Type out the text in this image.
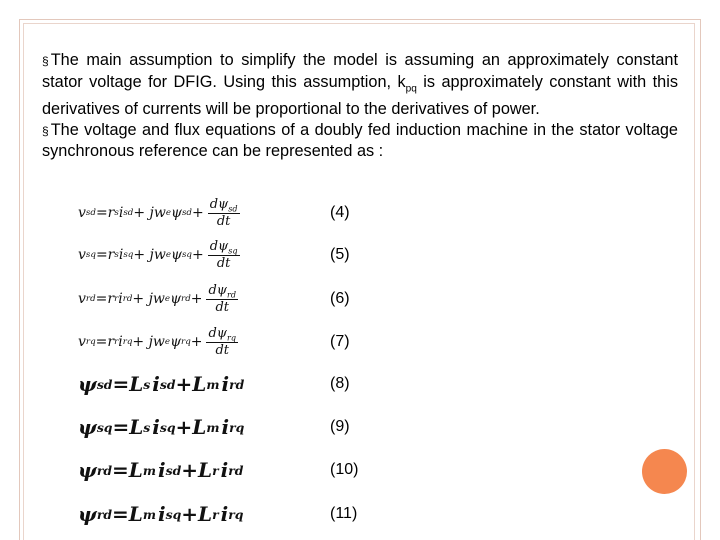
§ The main assumption to simplify the model is assuming an approximately constant stator voltage for DFIG. Using this assumption, $k_{pq}$ is approximately constant with this derivatives of currents will be proportional to the derivatives of power.
§ The voltage and flux equations of a doubly fed induction machine in the stator voltage synchronous reference can be represented as :
v sd = r s i sd + jw e ψ sd + $\frac{d\psi_{sd}}{dt}$	(4)
v sq = r s i sq + jw e ψ sq + $\frac{d\psi_{sq}}{dt}$	(5)
v rd = r r i rd + jw e ψ rd + $\frac{d\psi_{rd}}{dt}$	(6)
v rq = r r i rq + jw e ψ rq + $\frac{d\psi_{rq}}{dt}$	(7)
ψ sd = L s
  i sd + L m
  i rd	(8)
ψ sq = L s
  i sq + L m
  i rq	(9)
ψ rd = L m
  i sd + L r
  i rd	(10)
ψ rd = L m
  i sq + L r
  i rq	(11)
